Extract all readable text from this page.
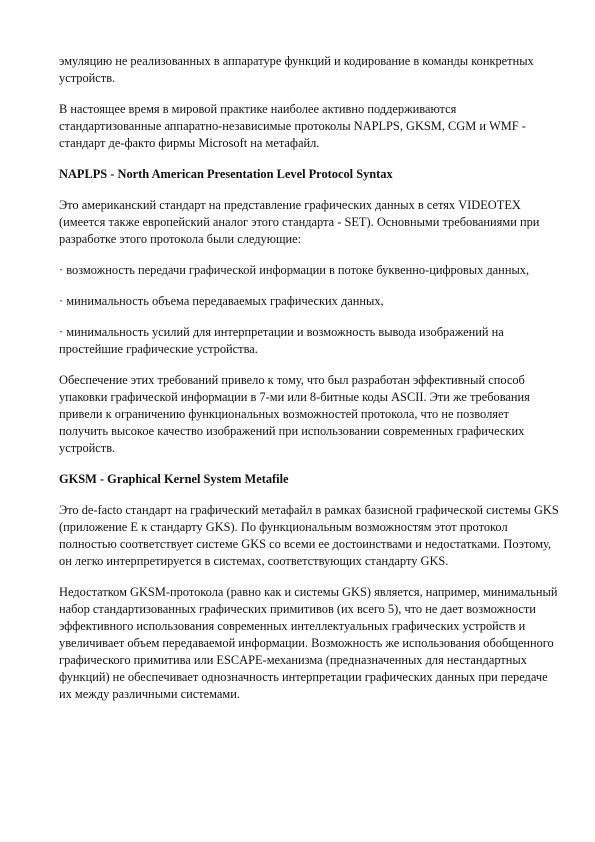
эмуляцию не реализованных в аппаратуре функций и кодирование в команды конкретных устройств.

В настоящее время в мировой практике наиболее активно поддерживаются стандартизованные аппаратно-независимые протоколы NAPLPS, GKSM, CGM и WMF - стандарт де-факто фирмы Microsoft на метафайл.

NAPLPS - North American Presentation Level Protocol Syntax

Это американский стандарт на представление графических данных в сетях VIDEOTEX (имеется также европейский аналог этого стандарта - SET). Основными требованиями при разработке этого протокола были следующие:

· возможность передачи графической информации в потоке буквенно-цифровых данных,

· минимальность объема передаваемых графических данных,

· минимальность усилий для интерпретации и возможность вывода изображений на простейшие графические устройства.

Обеспечение этих требований привело к тому, что был разработан эффективный способ упаковки графической информации в 7-ми или 8-битные коды ASCII. Эти же требования привели к ограничению функциональных возможностей протокола, что не позволяет получить высокое качество изображений при использовании современных графических устройств.

GKSM - Graphical Kernel System Metafile

Это de-facto стандарт на графический метафайл в рамках базисной графической системы GKS (приложение E к стандарту GKS). По функциональным возможностям этот протокол полностью соответствует системе GKS со всеми ее достоинствами и недостатками. Поэтому, он легко интерпретируется в системах, соответствующих стандарту GKS.

Недостатком GKSM-протокола (равно как и системы GKS) является, например, минимальный набор стандартизованных графических примитивов (их всего 5), что не дает возможности эффективного использования современных интеллектуальных графических устройств и увеличивает объем передаваемой информации. Возможность же использования обобщенного графического примитива или ESCAPE-механизма (предназначенных для нестандартных функций) не обеспечивает однозначность интерпретации графических данных при передаче их между различными системами.
